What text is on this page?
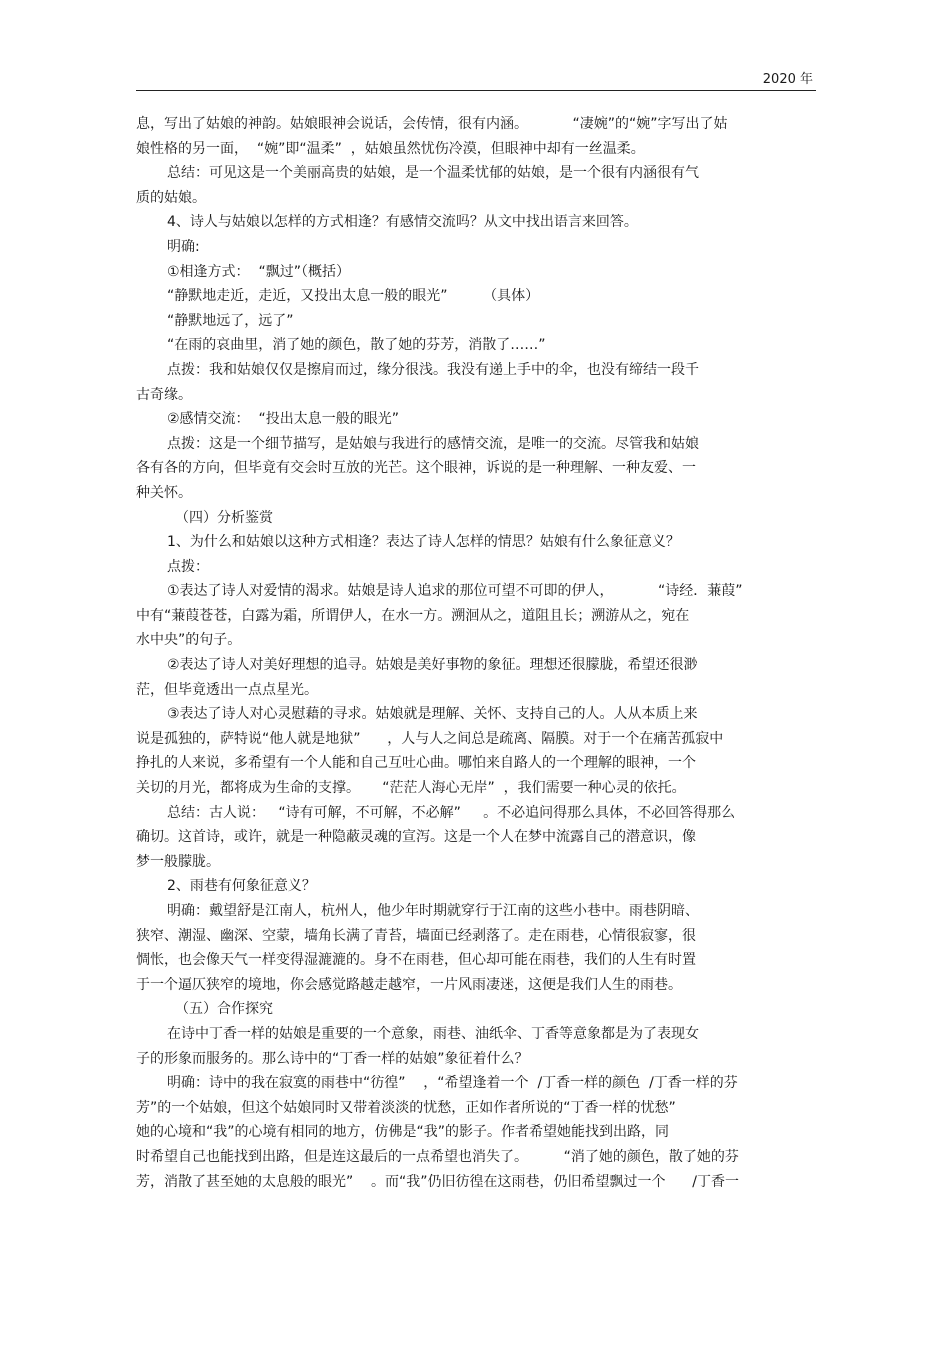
2020 年
息，写出了姑娘的神韵。姑娘眼神会说话，会传情，很有内涵。          “凄婉”的“婉”字写出了姑
娘性格的另一面，  “婉”即“温柔”  ，姑娘虽然忧伤冷漠，但眼神中却有一丝温柔。
总结：可见这是一个美丽高贵的姑娘，是一个温柔忧郁的姑娘，是一个很有内涵很有气
质的姑娘。
4、诗人与姑娘以怎样的方式相逢？有感情交流吗？从文中找出语言来回答。
明确:
①相逢方式：  “飘过”（概括）
“静默地走近，走近，又投出太息一般的眼光”        （具体）
“静默地远了，远了”
“在雨的哀曲里，消了她的颜色，散了她的芬芳，消散了……”
点拨：我和姑娘仅仅是擦肩而过，缘分很浅。我没有递上手中的伞，也没有缔结一段千
古奇缘。
②感情交流：  “投出太息一般的眼光”
点拨：这是一个细节描写，是姑娘与我进行的感情交流，是唯一的交流。尽管我和姑娘
各有各的方向，但毕竟有交会时互放的光芒。这个眼神，诉说的是一种理解、一种友爱、一
种关怀。
（四）分析鉴赏
1、为什么和姑娘以这种方式相逢？表达了诗人怎样的情思？姑娘有什么象征意义？
点拨：
①表达了诗人对爱情的渴求。姑娘是诗人追求的那位可望不可即的伊人，          “诗经．蒹葭”
中有“蒹葭苍苍，白露为霜，所谓伊人，在水一方。溯洄从之，道阻且长；溯游从之，宛在
水中央”的句子。
②表达了诗人对美好理想的追寻。姑娘是美好事物的象征。理想还很朦胧，希望还很渺
茫，但毕竟透出一点点星光。
③表达了诗人对心灵慰藉的寻求。姑娘就是理解、关怀、支持自己的人。人从本质上来
说是孤独的，萨特说“他人就是地狱”      ，人与人之间总是疏离、隔膜。对于一个在痛苦孤寂中
挣扎的人来说，多希望有一个人能和自己互吐心曲。哪怕来自路人的一个理解的眼神，一个
关切的月光，都将成为生命的支撑。     “茫茫人海心无岸”  ，我们需要一种心灵的依托。
总结：古人说：   “诗有可解，不可解，不必解”     。不必追问得那么具体，不必回答得那么
确切。这首诗，或许，就是一种隐蔽灵魂的宣泻。这是一个人在梦中流露自己的潜意识，像
梦一般朦胧。
2、雨巷有何象征意义？
明确：戴望舒是江南人，杭州人，他少年时期就穿行于江南的这些小巷中。雨巷阴暗、
狭窄、潮湿、幽深、空蒙，墙角长满了青苔，墙面已经剥落了。走在雨巷，心情很寂寥，很
惆怅，也会像天气一样变得湿漉漉的。身不在雨巷，但心却可能在雨巷，我们的人生有时置
于一个逼仄狭窄的境地，你会感觉路越走越窄，一片风雨凄迷，这便是我们人生的雨巷。
（五）合作探究
在诗中丁香一样的姑娘是重要的一个意象，雨巷、油纸伞、丁香等意象都是为了表现女
子的形象而服务的。那么诗中的“丁香一样的姑娘”象征着什么？
明确：诗中的我在寂寞的雨巷中“彷徨”    ，“希望逢着一个  /丁香一样的颜色  /丁香一样的芬
芳”的一个姑娘，但这个姑娘同时又带着淡淡的忧愁，正如作者所说的“丁香一样的忧愁”
她的心境和“我”的心境有相同的地方，仿佛是“我”的影子。作者希望她能找到出路，同
时希望自己也能找到出路，但是连这最后的一点希望也消失了。        “消了她的颜色，散了她的芬
芳，消散了甚至她的太息般的眼光”    。而“我”仍旧彷徨在这雨巷，仍旧希望飘过一个      /丁香一
